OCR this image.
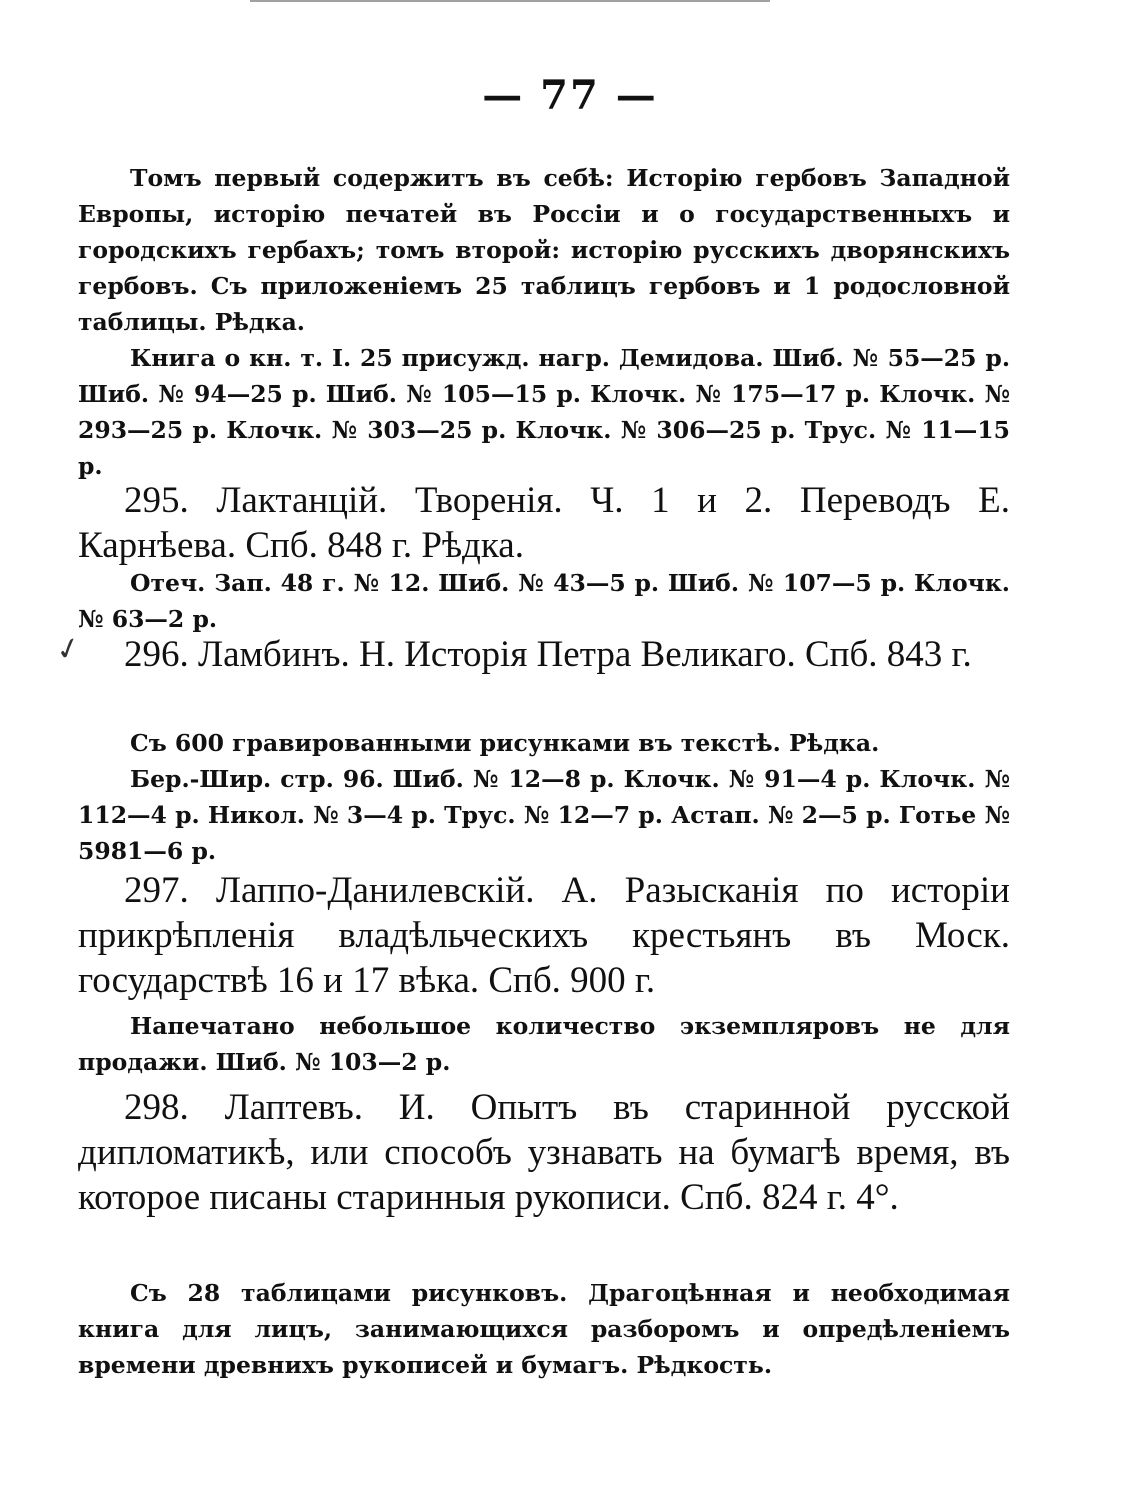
— 77 —
Томъ первый содержитъ въ себѣ: Исторію гербовъ Западной Европы, исторію печатей въ Россіи и о государственныхъ и городскихъ гербахъ; томъ второй: исторію русскихъ дворянскихъ гербовъ. Съ приложеніемъ 25 таблицъ гербовъ и 1 родословной таблицы. Рѣдка.
Книга о кн. т. I. 25 присужд. нагр. Демидова. Шиб. № 55—25 р. Шиб. № 94—25 р. Шиб. № 105—15 р. Клочк. № 175—17 р. Клочк. № 293—25 р. Клочк. № 303—25 р. Клочк. № 306—25 р. Трус. № 11—15 р.
295. Лактанцій. Творенія. Ч. 1 и 2. Переводъ Е. Карнѣева. Спб. 848 г. Рѣдка.
Отеч. Зап. 48 г. № 12. Шиб. № 43—5 р. Шиб. № 107—5 р. Клочк. № 63—2 р.
✓	296. Ламбинъ. Н. Исторія Петра Великаго. Спб. 843 г.
Съ 600 гравированными рисунками въ текстѣ. Рѣдка.
Бер.-Шир. стр. 96. Шиб. № 12—8 р. Клочк. № 91—4 р. Клочк. № 112—4 р. Никол. № 3—4 р. Трус. № 12—7 р. Астап. № 2—5 р. Готье № 5981—6 р.
297. Лаппо-Данилевскій. А. Разысканія по исторіи прикрѣпленія владѣльческихъ крестьянъ въ Моск. государствѣ 16 и 17 вѣка. Спб. 900 г.
Напечатано небольшое количество экземпляровъ не для продажи. Шиб. № 103—2 р.
298. Лаптевъ. И. Опытъ въ старинной русской дипломатикѣ, или способъ узнавать на бумагѣ время, въ которое писаны старинныя рукописи. Спб. 824 г. 4°.
Съ 28 таблицами рисунковъ. Драгоцѣнная и необходимая книга для лицъ, занимающихся разборомъ и опредѣленіемъ времени древнихъ рукописей и бумагъ. Рѣдкость.
